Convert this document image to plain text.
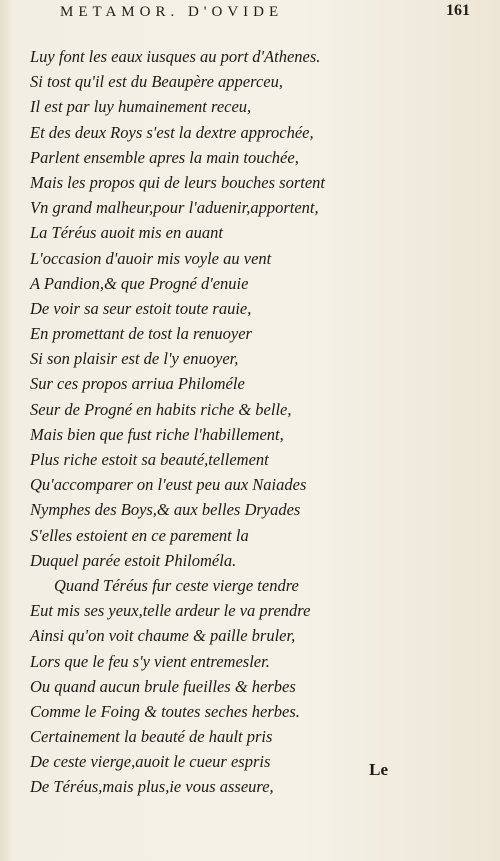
METAMOR. D'OVIDE	161
Luy font les eaux iusques au port d'Athenes.
Si tost qu'il est du Beaupère apperceu,
Il est par luy humainement receu,
Et des deux Roys s'est la dextre approchée,
Parlent ensemble apres la main touchée,
Mais les propos qui de leurs bouches sortent
Vn grand malheur,pour l'aduenir,apportent,
La Téréus auoit mis en auant
L'occasion d'auoir mis voyle au vent
A Pandion,& que Progné d'enuie
De voir sa seur estoit toute rauie,
En promettant de tost la renuoyer
Si son plaisir est de l'y enuoyer,
Sur ces propos arriua Philoméle
Seur de Progné en habits riche & belle,
Mais bien que fust riche l'habillement,
Plus riche estoit sa beauté,tellement
Qu'accomparer on l'eust peu aux Naiades
Nymphes des Boys,& aux belles Dryades
S'elles estoient en ce parement la
Duquel parée estoit Philoméla.
Quand Téréus fur ceste vierge tendre
Eut mis ses yeux,telle ardeur le va prendre
Ainsi qu'on voit chaume & paille bruler,
Lors que le feu s'y vient entremesler.
Ou quand aucun brule fueilles & herbes
Comme le Foing & toutes seches herbes.
Certainement la beauté de hault pris
De ceste vierge,auoit le cueur espris
De Téréus,mais plus,ie vous asseure,
Le
